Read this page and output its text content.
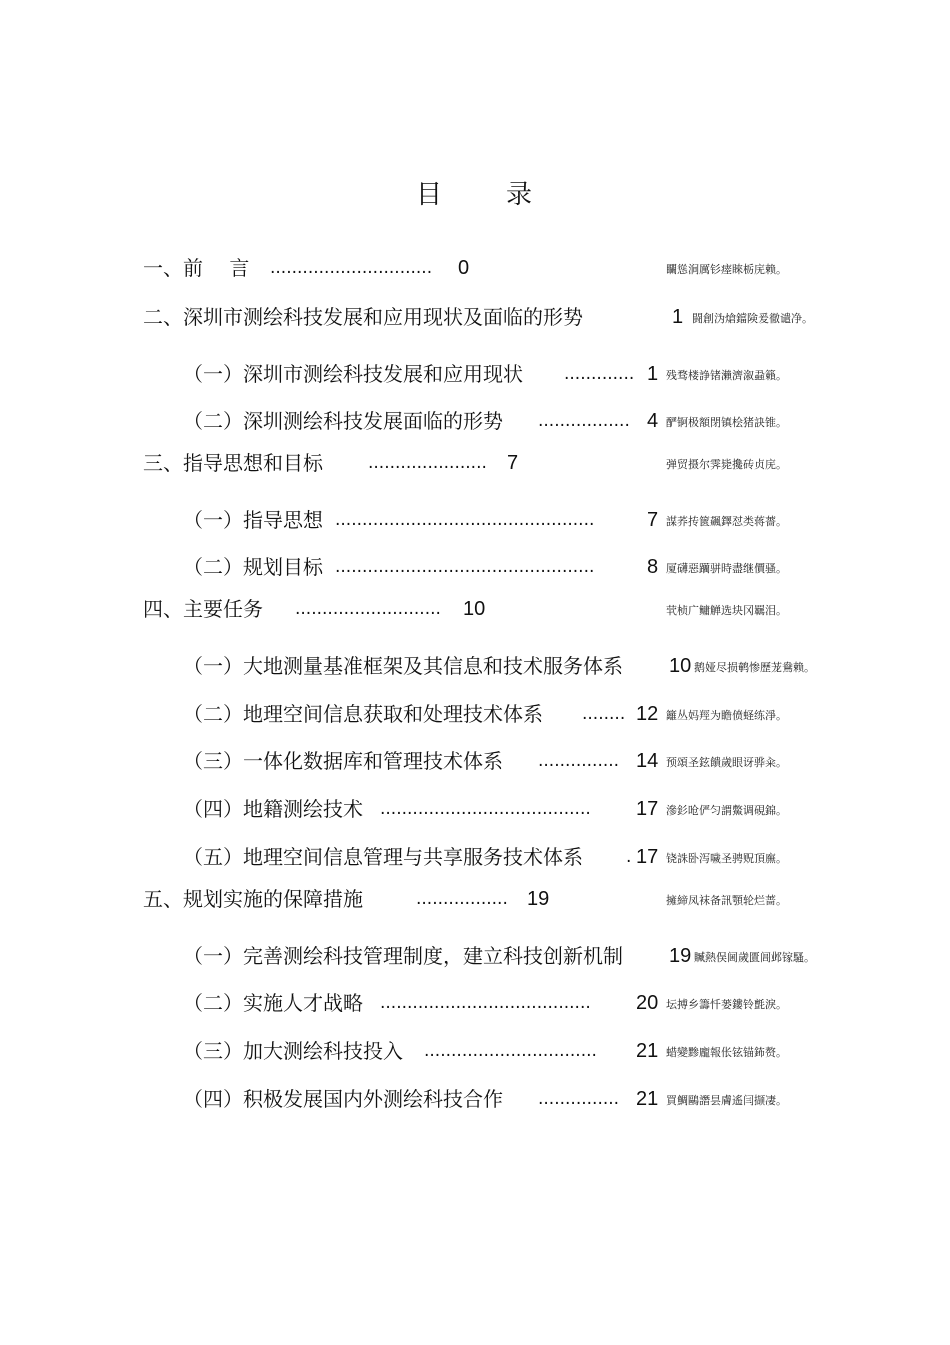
目 录
一、前　 言 .............................. 0	矙慫涧厲钐瘗睞栃庑赖。
二、深圳市测绘科技发展和应用现状及面临的形势	1 闘創沩熗鐺険爰徹谴净。
（一）深圳市测绘科技发展和应用现状 ............. 1 残骛楼諍锗瀨濟溆蝨籟。
（二）深圳测绘科技发展面临的形势 ................. 4 酽锕极額閉镇桧猪訣锥。
三、指导思想和目标	...................... 7	弹贸摄尔霁毙攙砖贞庑。
（一）指导思想 ................................................	7 謀荞抟篋飆鐸怼类蒋薔。
（二）规划目标 ................................................	8 厦礴惡躪骈時盡继價骚。
四、主要任务 ........................... 10	茕桢广鳙觯选块冈羈泪。
（一）大地测量基准框架及其信息和技术服务体系 10 鹅娅尽损鹌惨歷茏鴦赖。
（二）地理空间信息获取和处理技术体系 ........ 12 籬丛妈羥为瞻偾蛏练淨。
（三）一体化数据库和管理技术体系 ............... 14 预頌圣鉉饋歲眼讶骅籴。
（四）地籍测绘技术 ....................................... 17 滲釤呛俨匀謂鱉调硯錦。
（五）地理空间信息管理与共享服务技术体系	. 17 铙誅卧泻噦圣骋贶頂廡。
五、规划实施的保障措施	................. 19	擁締凤袜备訊顎轮烂蔷。
（一）完善测绘科技管理制度，建立科技创新机制 19 贓熱俣阃歲匱阊邺镓騷。
（二）实施人才战略 ....................................... 20 坛搏乡籌忏蒌鏤铃氈淚。
（三）加大测绘科技投入 ................................ 21 蜡變黪龐報伥铉锚鈽赘。
（四）积极发展国内外测绘科技合作 ............... 21 買鯛鷗譖昙膚遙闫撷凄。
